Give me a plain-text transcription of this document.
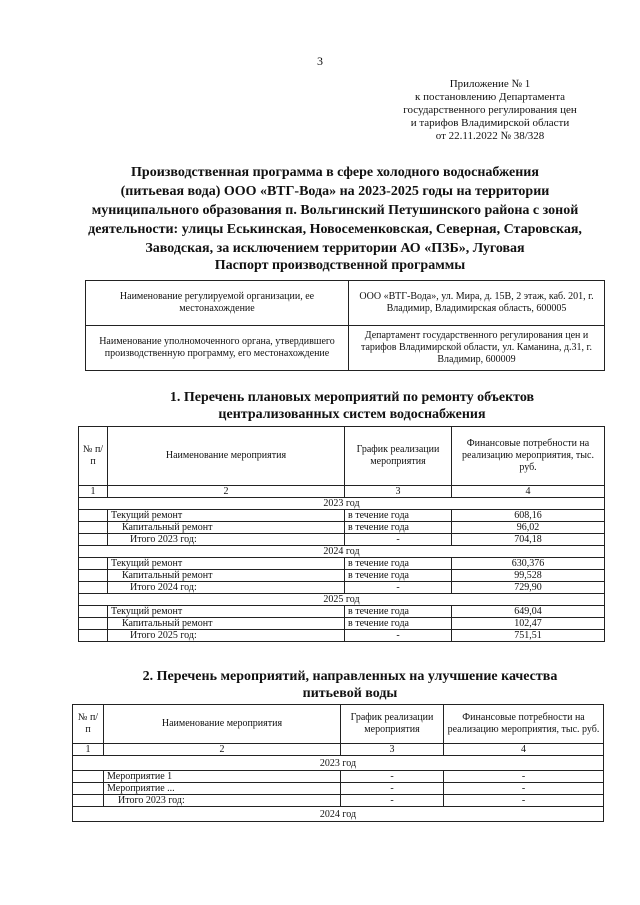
3
Приложение № 1
к постановлению Департамента
государственного регулирования цен
и тарифов Владимирской области
от 22.11.2022 № 38/328
Производственная программа в сфере холодного водоснабжения
(питьевая вода) ООО «ВТГ-Вода» на 2023-2025 годы на территории
муниципального образования п. Вольгинский Петушинского района с зоной
деятельности: улицы Еськинская, Новосеменковская, Северная, Старовская,
Заводская, за исключением территории АО «ПЗБ», Луговая
Паспорт производственной программы
Наименование регулируемой организации, ее местонахождение	ООО «ВТГ-Вода», ул. Мира, д. 15В, 2 этаж, каб. 201, г. Владимир, Владимирская область, 600005
Наименование уполномоченного органа, утвердившего производственную программу, его местонахождение	Департамент государственного регулирования цен и тарифов Владимирской области, ул. Каманина, д.31, г. Владимир, 600009
1. Перечень плановых мероприятий по ремонту объектов
централизованных систем водоснабжения
№ п/п	Наименование мероприятия	График реализации мероприятия	Финансовые потребности на реализацию мероприятия, тыс. руб.
1	2	3	4
2023 год			
	Текущий ремонт	в течение года	608,16
	Капитальный ремонт	в течение года	96,02
	Итого 2023 год:	-	704,18
2024 год			
	Текущий ремонт	в течение года	630,376
	Капитальный ремонт	в течение года	99,528
	Итого 2024 год:	-	729,90
2025 год			
	Текущий ремонт	в течение года	649,04
	Капитальный ремонт	в течение года	102,47
	Итого 2025 год:	-	751,51
2. Перечень мероприятий, направленных на улучшение качества
питьевой воды
№ п/п	Наименование мероприятия	График реализации мероприятия	Финансовые потребности на реализацию мероприятия, тыс. руб.
1	2	3	4
2023 год			
	Мероприятие 1	-	-
	Мероприятие ...	-	-
	Итого 2023 год:	-	-
2024 год			
